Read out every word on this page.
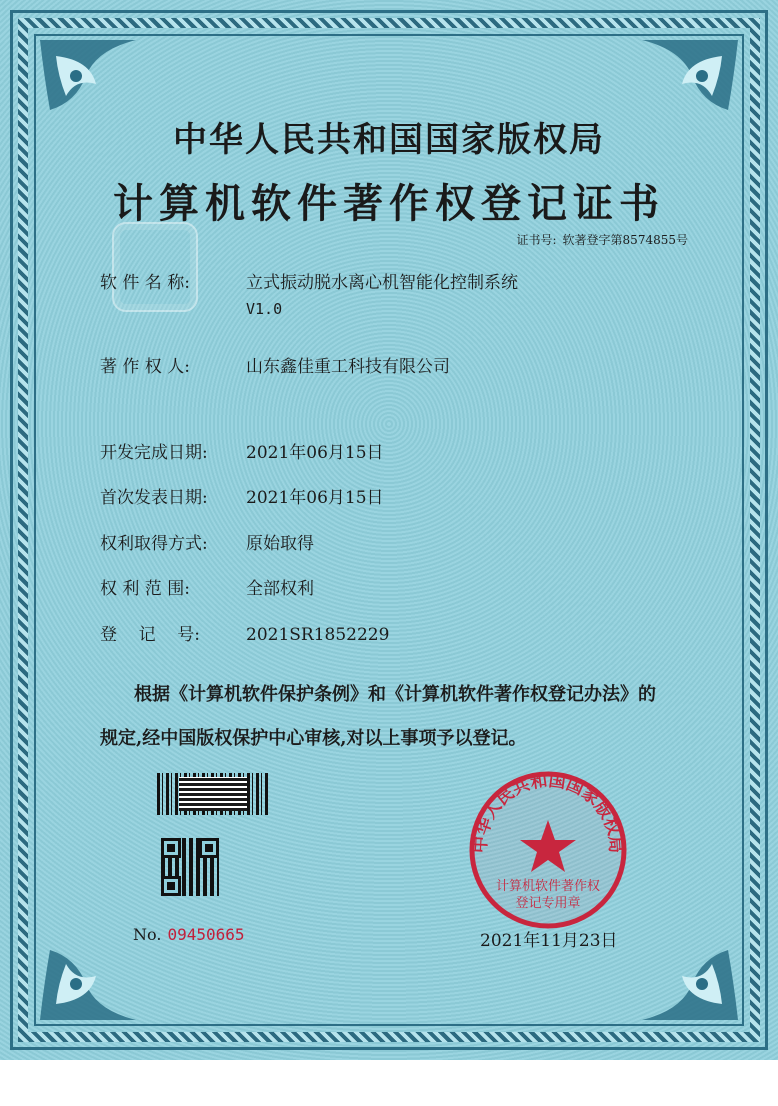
中华人民共和国国家版权局
计算机软件著作权登记证书
证书号: 软著登字第8574855号
软 件 名 称:	立式振动脱水离心机智能化控制系统
V1.0
著 作 权 人:	山东鑫佳重工科技有限公司
开发完成日期:	2021年06月15日
首次发表日期:	2021年06月15日
权利取得方式:	原始取得
权 利 范 围:	全部权利
登    记    号:	2021SR1852229
根据《计算机软件保护条例》和《计算机软件著作权登记办法》的
规定,经中国版权保护中心审核,对以上事项予以登记。
No. 09450665
中华人民共和国国家版权局
计算机软件著作权
登记专用章
2021年11月23日
